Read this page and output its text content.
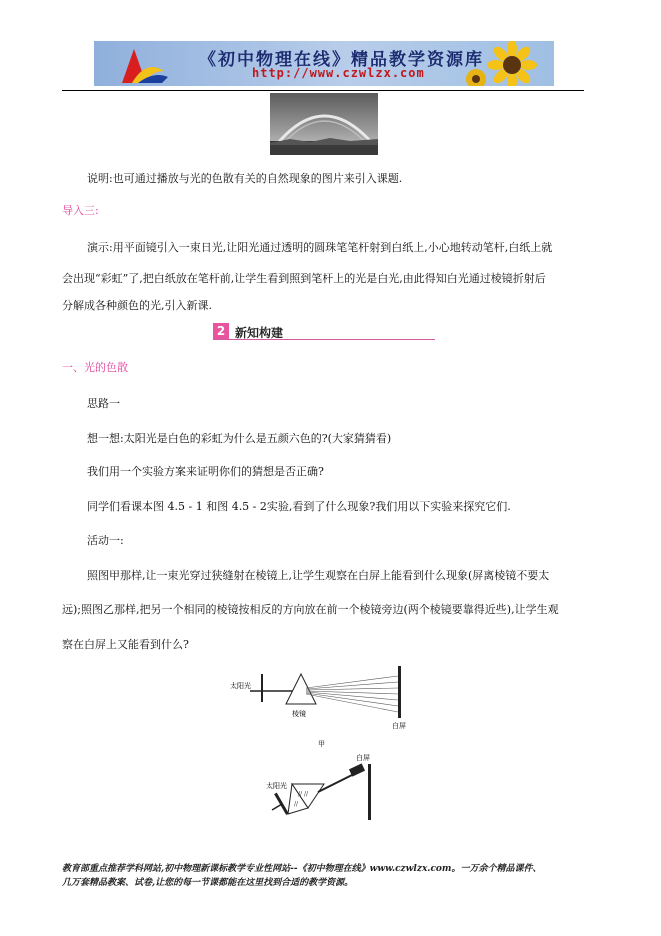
《初中物理在线》精品教学资源库
http://www.czwlzx.com
说明:也可通过播放与光的色散有关的自然现象的图片来引入课题.
导入三:
演示:用平面镜引入一束日光,让阳光通过透明的圆珠笔笔杆射到白纸上,小心地转动笔杆,白纸上就
会出现“彩虹”了,把白纸放在笔杆前,让学生看到照到笔杆上的光是白光,由此得知白光通过棱镜折射后
分解成各种颜色的光,引入新课.
2 新知构建
一、光的色散
思路一
想一想:太阳光是白色的彩虹为什么是五颜六色的?(大家猜猜看)
我们用一个实验方案来证明你们的猜想是否正确?
同学们看课本图 4.5 - 1 和图 4.5 - 2实验,看到了什么现象?我们用以下实验来探究它们.
活动一:
照图甲那样,让一束光穿过狭缝射在棱镜上,让学生观察在白屏上能看到什么现象(屏离棱镜不要太
远);照图乙那样,把另一个相同的棱镜按相反的方向放在前一个棱镜旁边(两个棱镜要靠得近些),让学生观
察在白屏上又能看到什么?
太阳光
棱镜
白屏
甲
白屏
太阳光
// //
//
教育部重点推荐学科网站,初中物理新课标教学专业性网站--《初中物理在线》www.czwlzx.com。一万余个精品课件、
几万套精品教案、试卷,让您的每一节课都能在这里找到合适的教学资源。
